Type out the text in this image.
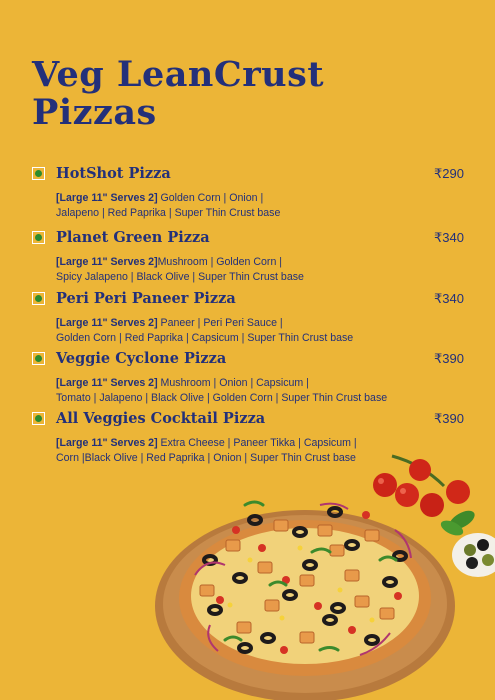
Veg LeanCrust
Pizzas
HotShot Pizza	₹290
[Large 11" Serves 2] Golden Corn | Onion |
Jalapeno | Red Paprika | Super Thin Crust base
Planet Green Pizza	₹340
[Large 11" Serves 2]Mushroom | Golden Corn |
Spicy Jalapeno | Black Olive | Super Thin Crust base
Peri Peri Paneer Pizza	₹340
[Large 11" Serves 2] Paneer | Peri Peri Sauce |
Golden Corn | Red Paprika | Capsicum | Super Thin Crust base
Veggie Cyclone Pizza	₹390
[Large 11" Serves 2] Mushroom | Onion | Capsicum |
Tomato | Jalapeno | Black Olive | Golden Corn | Super Thin Crust base
All Veggies Cocktail Pizza	₹390
[Large 11" Serves 2] Extra Cheese | Paneer Tikka | Capsicum |
Corn |Black Olive | Red Paprika | Onion | Super Thin Crust base
